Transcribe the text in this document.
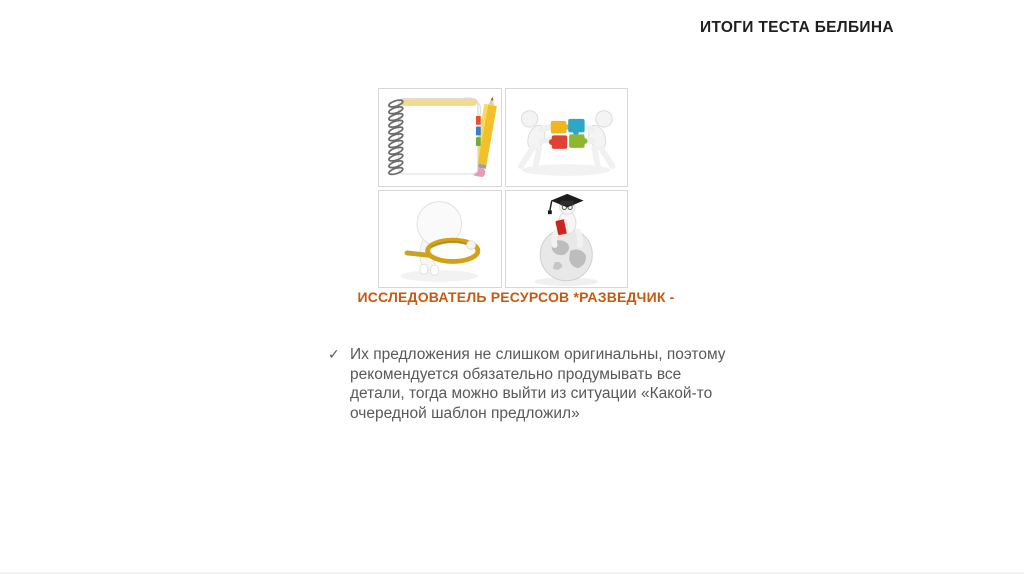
ИТОГИ ТЕСТА БЕЛБИНА
ИССЛЕДОВАТЕЛЬ РЕСУРСОВ *РАЗВЕДЧИК -
✓ Их предложения не слишком оригинальны, поэтому
рекомендуется обязательно продумывать все
детали, тогда можно выйти из ситуации «Какой-то
очередной шаблон предложил»
